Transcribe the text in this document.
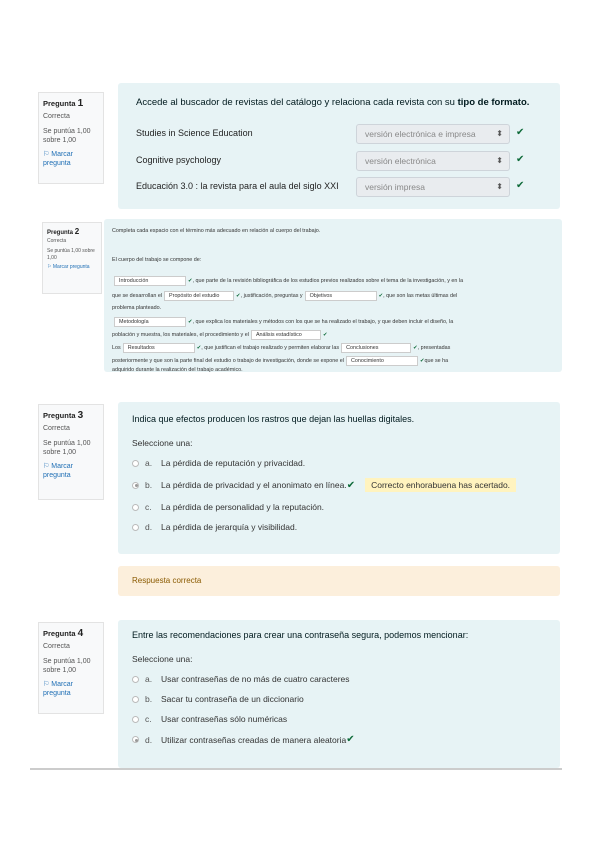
Pregunta 1
Correcta
Se puntúa 1,00 sobre 1,00
⚐ Marcar pregunta
Accede al buscador de revistas del catálogo y relaciona cada revista con su tipo de formato.
Studies in Science Education	versión electrónica e impresa	⬍ ✔
Cognitive psychology	versión electrónica	⬍ ✔
Educación 3.0 : la revista para el aula del siglo XXI	versión impresa	⬍ ✔
Pregunta 2
Correcta
Se puntúa 1,00 sobre 1,00
⚐ Marcar pregunta
Completa cada espacio con el término más adecuado en relación al cuerpo del trabajo.
El cuerpo del trabajo se compone de:
Introducción	✔, que parte de la revisión bibliográfica de los estudios previos realizados sobre el tema de la investigación, y en la
que se desarrollan el Propósito del estudio	✔, justificación, preguntas y Objetivos	✔, que son las metas últimas del
problema planteado.
Metodología	✔, que explica los materiales y métodos con los que se ha realizado el trabajo, y que deben incluir el diseño, la
población y muestra, los materiales, el procedimiento y el Análisis estadístico	✔
Los Resultados	✔, que justifican el trabajo realizado y permiten elaborar las Conclusiones	✔, presentadas
posteriormente y que son la parte final del estudio o trabajo de investigación, donde se expone el Conocimiento	✔que se ha
adquirido durante la realización del trabajo académico.
Pregunta 3
Correcta
Se puntúa 1,00 sobre 1,00
⚐ Marcar pregunta
Indica que efectos producen los rastros que dejan las huellas digitales.
Seleccione una:
a.	La pérdida de reputación y privacidad.
b.	La pérdida de privacidad y el anonimato en línea. ✔	Correcto enhorabuena has acertado.
c.	La pérdida de personalidad y la reputación.
d.	La pérdida de jerarquía y visibilidad.
Respuesta correcta
Pregunta 4
Correcta
Se puntúa 1,00 sobre 1,00
⚐ Marcar pregunta
Entre las recomendaciones para crear una contraseña segura, podemos mencionar:
Seleccione una:
a.	Usar contraseñas de no más de cuatro caracteres
b.	Sacar tu contraseña de un diccionario
c.	Usar contraseñas sólo numéricas
d.	Utilizar contraseñas creadas de manera aleatoria ✔
